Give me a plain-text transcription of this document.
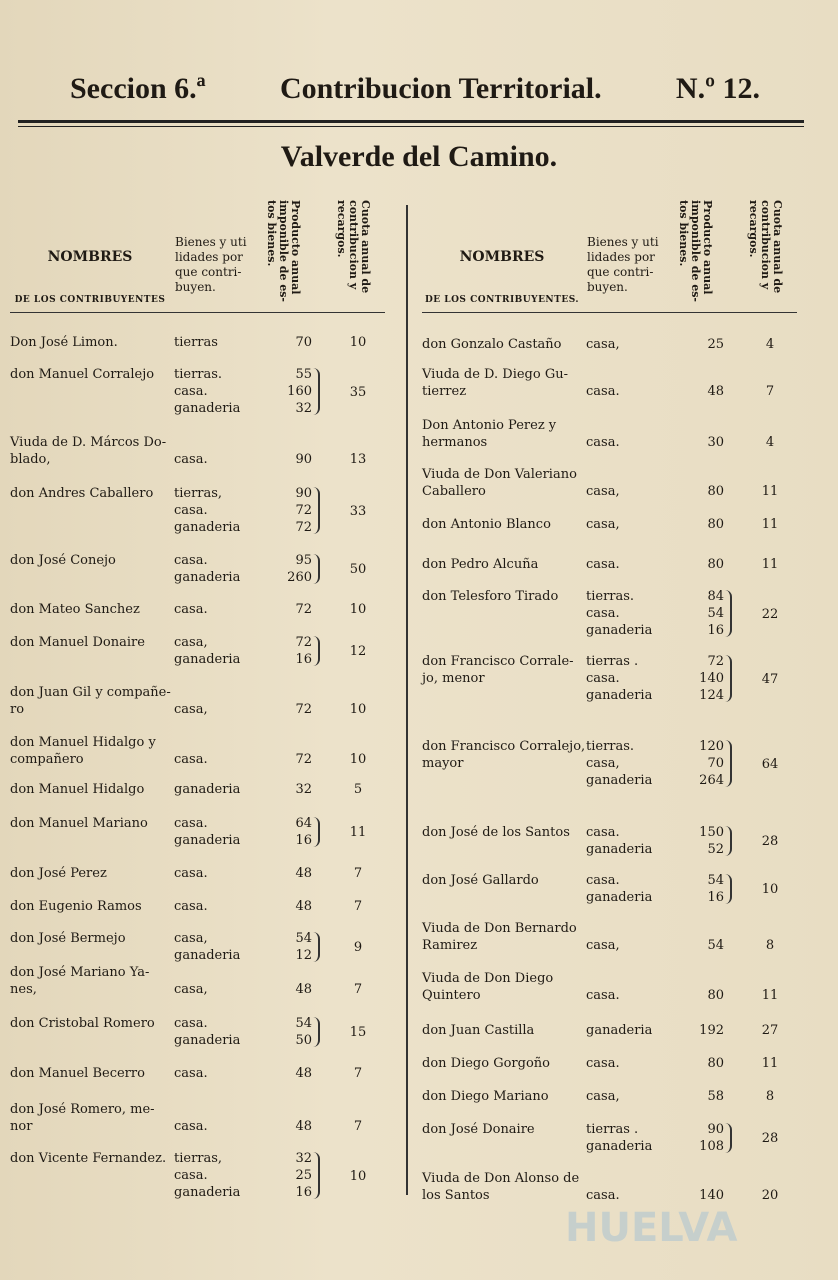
Seccion 6.ª Contribucion Territorial. N.º 12.
Valverde del Camino.
NOMBRES
DE LOS CONTRIBUYENTES
Bienes y uti lidades por que contri- buyen.	Producto anual imponible de es- tos bienes.	Cuota anual de contribucion y recargos.
Don José Limon.	tierras	70	10
don Manuel Corralejo tierras.	55
casa.	160
ganaderia	32
35
Viuda de D. Márcos Do-
blado,	casa.	90	13
don Andres Caballero tierras,	90
casa.	72
ganaderia	72
33
don José Conejo	casa.	95
ganaderia	260
50
don Mateo Sanchez	casa.	72	10
don Manuel Donaire casa,	72
ganaderia	16
12
don Juan Gil y compañe-
ro	casa,	72	10
don Manuel Hidalgo y
compañero	casa.	72	10
don Manuel Hidalgo ganaderia	32	5
don Manuel Mariano casa.	64
ganaderia	16
11
don José Perez	casa.	48	7
don Eugenio Ramos casa.	48	7
don José Bermejo	casa,	54
ganaderia	12
9
don José Mariano Ya-
nes,	casa,	48	7
don Cristobal Romero casa.	54
ganaderia	50
15
don Manuel Becerro casa.	48	7
don José Romero, me-
nor	casa.	48	7
don Vicente Fernandez. tierras,	32
casa.	25
ganaderia	16
10
NOMBRES
DE LOS CONTRIBUYENTES.
Bienes y uti lidades por que contri- buyen.	Producto anual imponible de es- tos bienes.	Cuota anual de contribucion y recargos.
don Gonzalo Castaño casa,	25	4
Viuda de D. Diego Gu-
tierrez	casa.	48	7
Don Antonio Perez y
hermanos	casa.	30	4
Viuda de Don Valeriano
Caballero	casa,	80	11
don Antonio Blanco	casa,	80	11
don Pedro Alcuña	casa.	80	11
don Telesforo Tirado tierras.	84
casa.	54
ganaderia	16
22
don Francisco Corrale-
jo, menor
tierras .	72
casa.	140
ganaderia	124
47
don Francisco Corralejo,
mayor
tierras.	120
casa,	70
ganaderia	264
64
don José de los Santos casa.	150
ganaderia	52
28
don José Gallardo	casa.	54
ganaderia	16
10
Viuda de Don Bernardo
Ramirez	casa,	54	8
Viuda de Don Diego
Quintero	casa.	80	11
don Juan Castilla	ganaderia	192	27
don Diego Gorgoño	casa.	80	11
don Diego Mariano	casa,	58	8
don José Donaire	tierras .	90
ganaderia	108
28
Viuda de Don Alonso de
los Santos	casa.	140	20
HUELVA
